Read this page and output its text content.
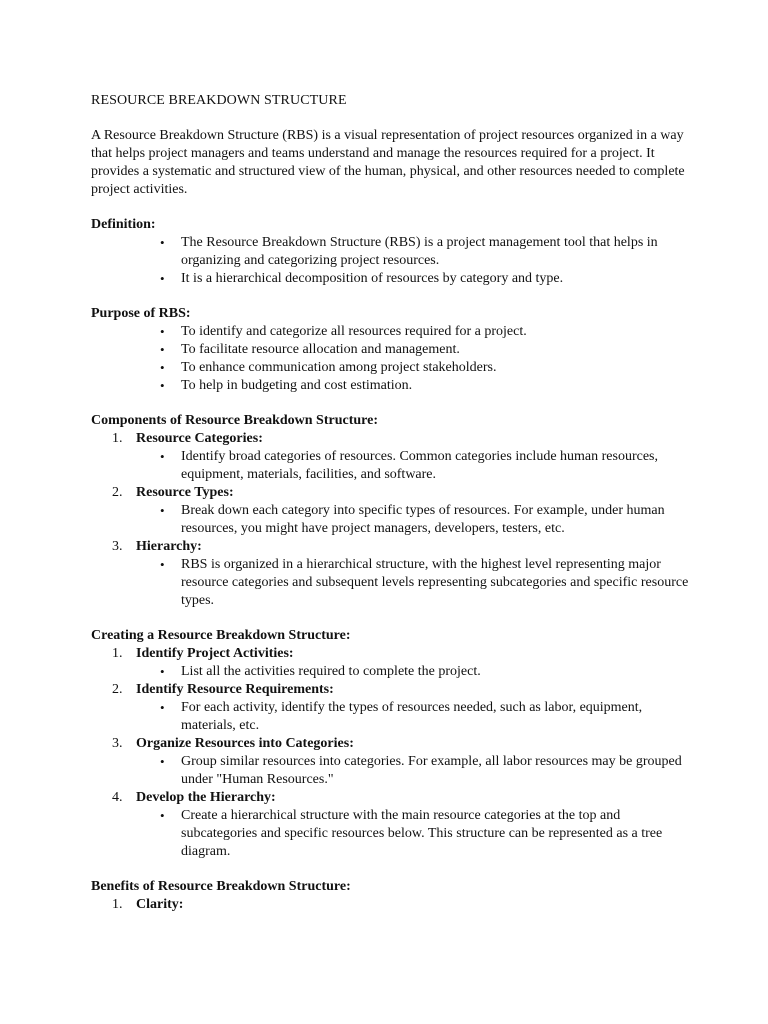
RESOURCE BREAKDOWN STRUCTURE

A Resource Breakdown Structure (RBS) is a visual representation of project resources organized in a way that helps project managers and teams understand and manage the resources required for a project. It provides a systematic and structured view of the human, physical, and other resources needed to complete project activities.

Definition:
• The Resource Breakdown Structure (RBS) is a project management tool that helps in organizing and categorizing project resources.
• It is a hierarchical decomposition of resources by category and type.
Purpose of RBS:
• To identify and categorize all resources required for a project.
• To facilitate resource allocation and management.
• To enhance communication among project stakeholders.
• To help in budgeting and cost estimation.
Components of Resource Breakdown Structure:
1. Resource Categories:
• Identify broad categories of resources. Common categories include human resources, equipment, materials, facilities, and software.
2. Resource Types:
• Break down each category into specific types of resources. For example, under human resources, you might have project managers, developers, testers, etc.
3. Hierarchy:
• RBS is organized in a hierarchical structure, with the highest level representing major resource categories and subsequent levels representing subcategories and specific resource types.
Creating a Resource Breakdown Structure:
1. Identify Project Activities:
• List all the activities required to complete the project.
2. Identify Resource Requirements:
• For each activity, identify the types of resources needed, such as labor, equipment, materials, etc.
3. Organize Resources into Categories:
• Group similar resources into categories. For example, all labor resources may be grouped under "Human Resources."
4. Develop the Hierarchy:
• Create a hierarchical structure with the main resource categories at the top and subcategories and specific resources below. This structure can be represented as a tree diagram.
Benefits of Resource Breakdown Structure:
1. Clarity:
